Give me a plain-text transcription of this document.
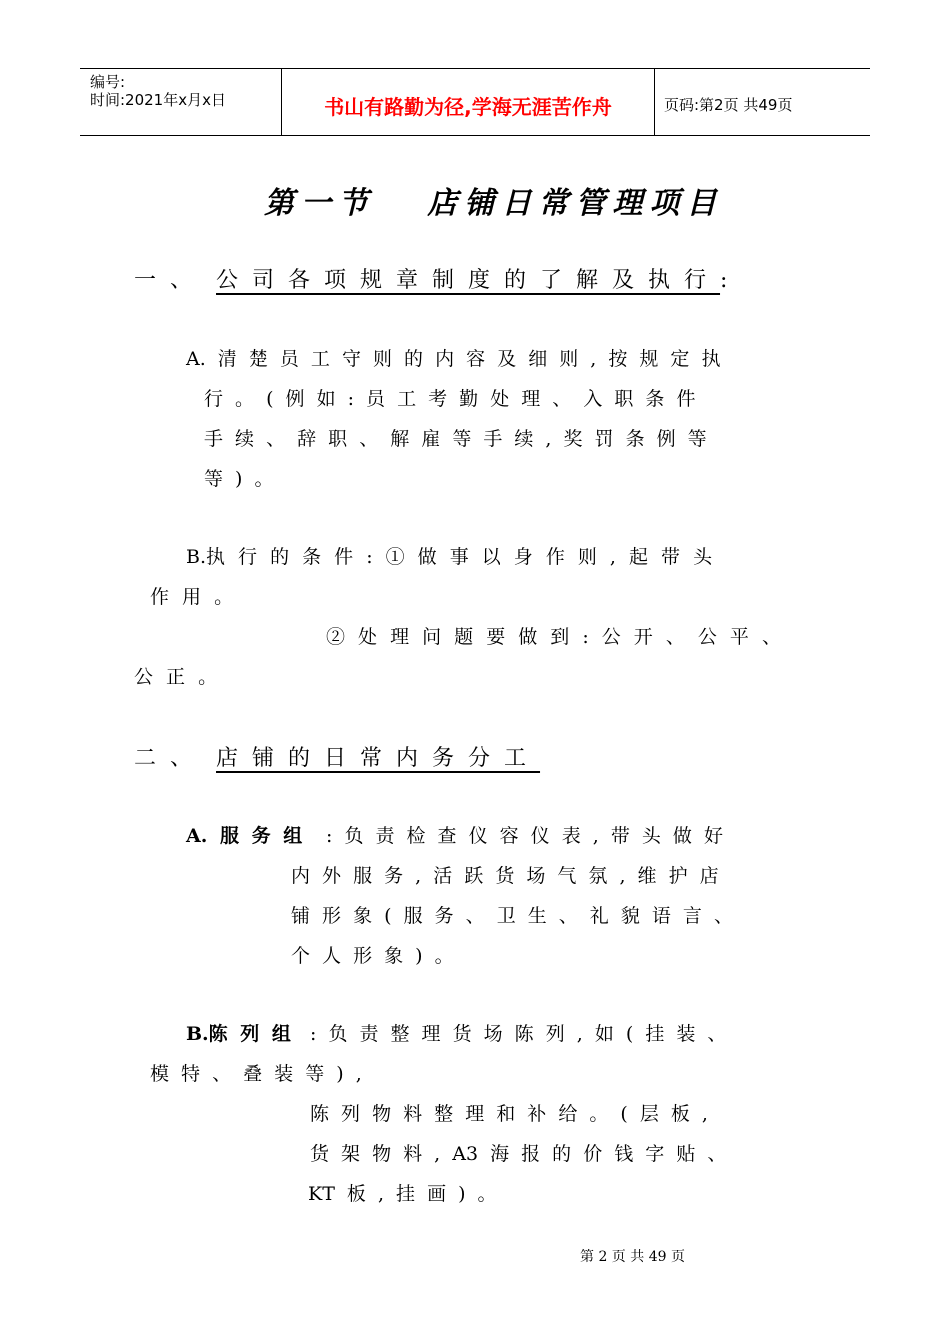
编号:
时间:2021年x月x日	书山有路勤为径,学海无涯苦作舟	页码:第2页 共49页
第一节   店铺日常管理项目
一、 公司各项规章制度的了解及执行:
A. 清 楚 员 工 守 则 的 内 容 及 细 则 , 按 规 定 执
行 。 ( 例 如 : 员 工 考 勤 处 理 、 入 职 条 件
手 续 、 辞 职 、 解 雇 等 手 续 , 奖 罚 条 例 等
等 ) 。
B.执 行 的 条 件 : ① 做 事 以 身 作 则 , 起 带 头
作 用 。
② 处 理 问 题 要 做 到 : 公 开 、 公 平 、
公 正 。
二、 店铺的日常内务分工
A. 服 务 组 : 负 责 检 查 仪 容 仪 表 , 带 头 做 好
内 外 服 务 , 活 跃 货 场 气 氛 , 维 护 店
铺 形 象 ( 服 务 、 卫 生 、 礼 貌 语 言 、
个 人 形 象 ) 。
B.陈 列 组 : 负 责 整 理 货 场 陈 列 , 如 ( 挂 装 、
模 特 、 叠 装 等 ) ,
陈 列 物 料 整 理 和 补 给 。 ( 层 板 ,
货 架 物 料 , A3 海 报 的 价 钱 字 贴 、
KT 板 , 挂 画 ) 。
第 2 页 共 49 页
